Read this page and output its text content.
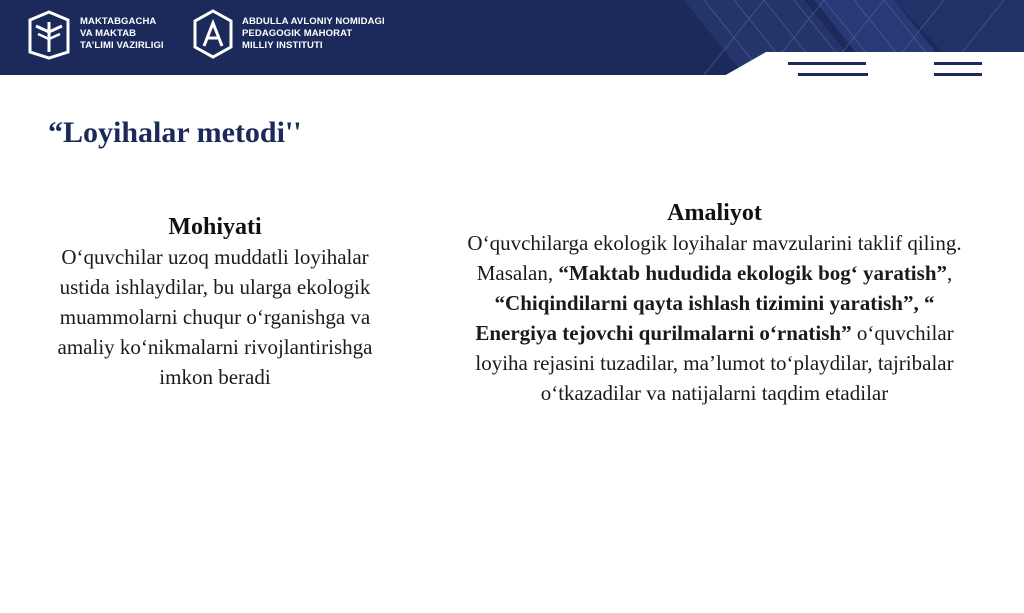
MAKTABGACHA
VA MAKTAB
TA’LIMI VAZIRLIGI
ABDULLA AVLONIY NOMIDAGI
PEDAGOGIK MAHORAT
MILLIY INSTITUTI
“Loyihalar metodi''
Mohiyati

O‘quvchilar uzoq muddatli loyihalar ustida ishlaydilar, bu ularga ekologik muammolarni chuqur o‘rganishga va amaliy ko‘nikmalarni rivojlantirishga imkon beradi

Amaliyot

O‘quvchilarga ekologik loyihalar mavzularini taklif qiling. Masalan, “Maktab hududida ekologik bog‘ yaratish”, “Chiqindilarni qayta ishlash tizimini yaratish”, “ Energiya tejovchi qurilmalarni o‘rnatish” o‘quvchilar loyiha rejasini tuzadilar, ma’lumot to‘playdilar, tajribalar o‘tkazadilar va natijalarni taqdim etadilar
